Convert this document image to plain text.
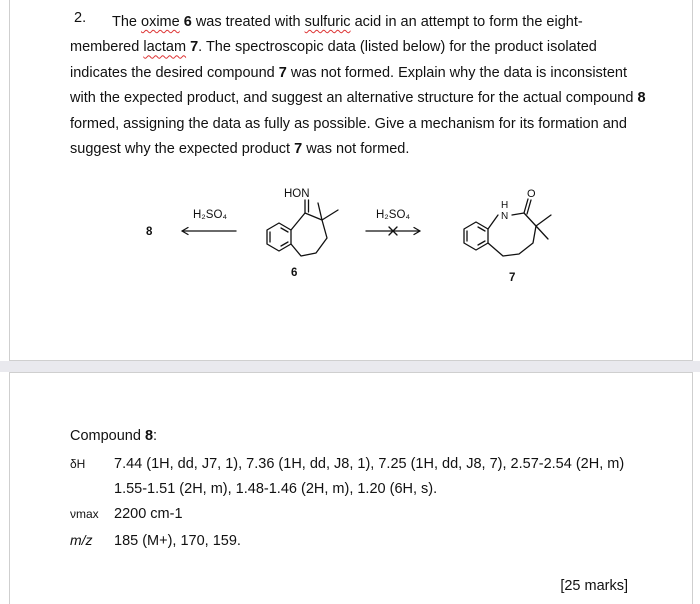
2.	The oxime 6 was treated with sulfuric acid in an attempt to form the eight-
membered lactam 7. The spectroscopic data (listed below) for the product isolated
indicates the desired compound 7 was not formed. Explain why the data is inconsistent
with the expected product, and suggest an alternative structure for the actual compound 8
formed, assigning the data as fully as possible. Give a mechanism for its formation and
suggest why the expected product 7 was not formed.
H₂SO₄	H₂SO₄
8
6	7
HON
H
N
O
Compound 8:
δH 7.44 (1H, dd, J7, 1), 7.36 (1H, dd, J8, 1), 7.25 (1H, dd, J8, 7), 2.57-2.54 (2H, m)
1.55-1.51 (2H, m), 1.48-1.46 (2H, m), 1.20 (6H, s).
νmax 2200 cm-1
m/z 185 (M+), 170, 159.
[25 marks]
